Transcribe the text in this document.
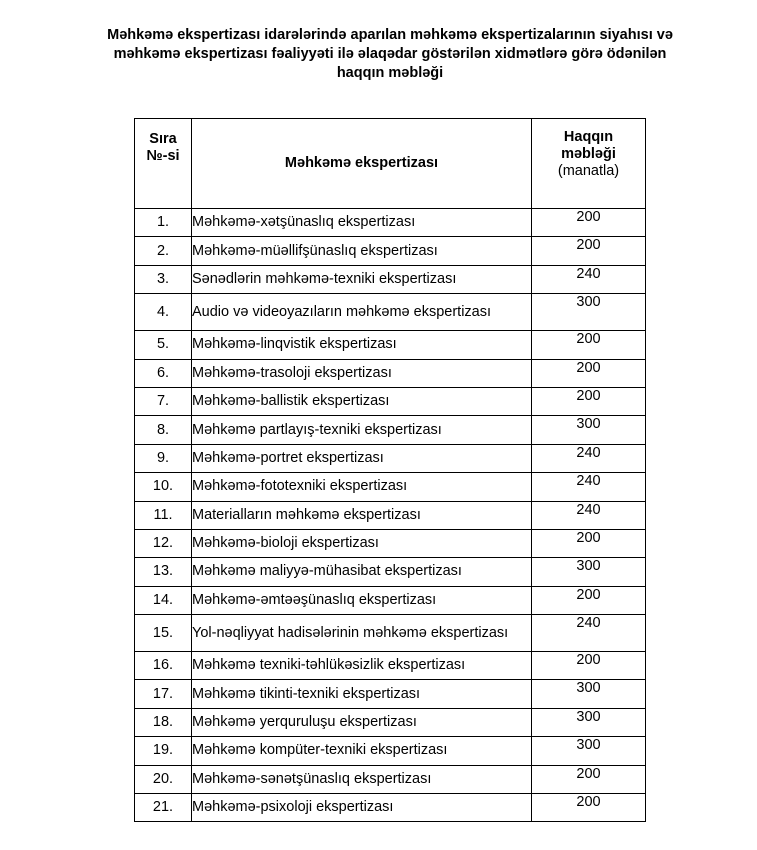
Məhkəmə ekspertizası idarələrində aparılan məhkəmə ekspertizalarının siyahısı və
məhkəmə ekspertizası fəaliyyəti ilə əlaqədar göstərilən xidmətlərə görə ödənilən
haqqın məbləği
Sıra
№-si	Məhkəmə ekspertizası	Haqqın
məbləği
(manatla)

1.	Məhkəmə-xətşünaslıq ekspertizası	200
2.	Məhkəmə-müəllifşünaslıq ekspertizası	200
3.	Sənədlərin məhkəmə-texniki ekspertizası	240
4.	Audio və videoyazıların məhkəmə ekspertizası	300
5.	Məhkəmə-linqvistik ekspertizası	200
6.	Məhkəmə-trasoloji ekspertizası	200
7.	Məhkəmə-ballistik ekspertizası	200
8.	Məhkəmə partlayış-texniki ekspertizası	300
9.	Məhkəmə-portret ekspertizası	240
10.	Məhkəmə-fototexniki ekspertizası	240
11.	Materialların məhkəmə ekspertizası	240
12.	Məhkəmə-bioloji ekspertizası	200
13.	Məhkəmə maliyyə-mühasibat ekspertizası	300
14.	Məhkəmə-əmtəəşünaslıq ekspertizası	200
15.	Yol-nəqliyyat hadisələrinin məhkəmə ekspertizası	240
16.	Məhkəmə texniki-təhlükəsizlik ekspertizası	200
17.	Məhkəmə tikinti-texniki ekspertizası	300
18.	Məhkəmə yerquruluşu ekspertizası	300
19.	Məhkəmə kompüter-texniki ekspertizası	300
20.	Məhkəmə-sənətşünaslıq ekspertizası	200
21.	Məhkəmə-psixoloji ekspertizası	200
